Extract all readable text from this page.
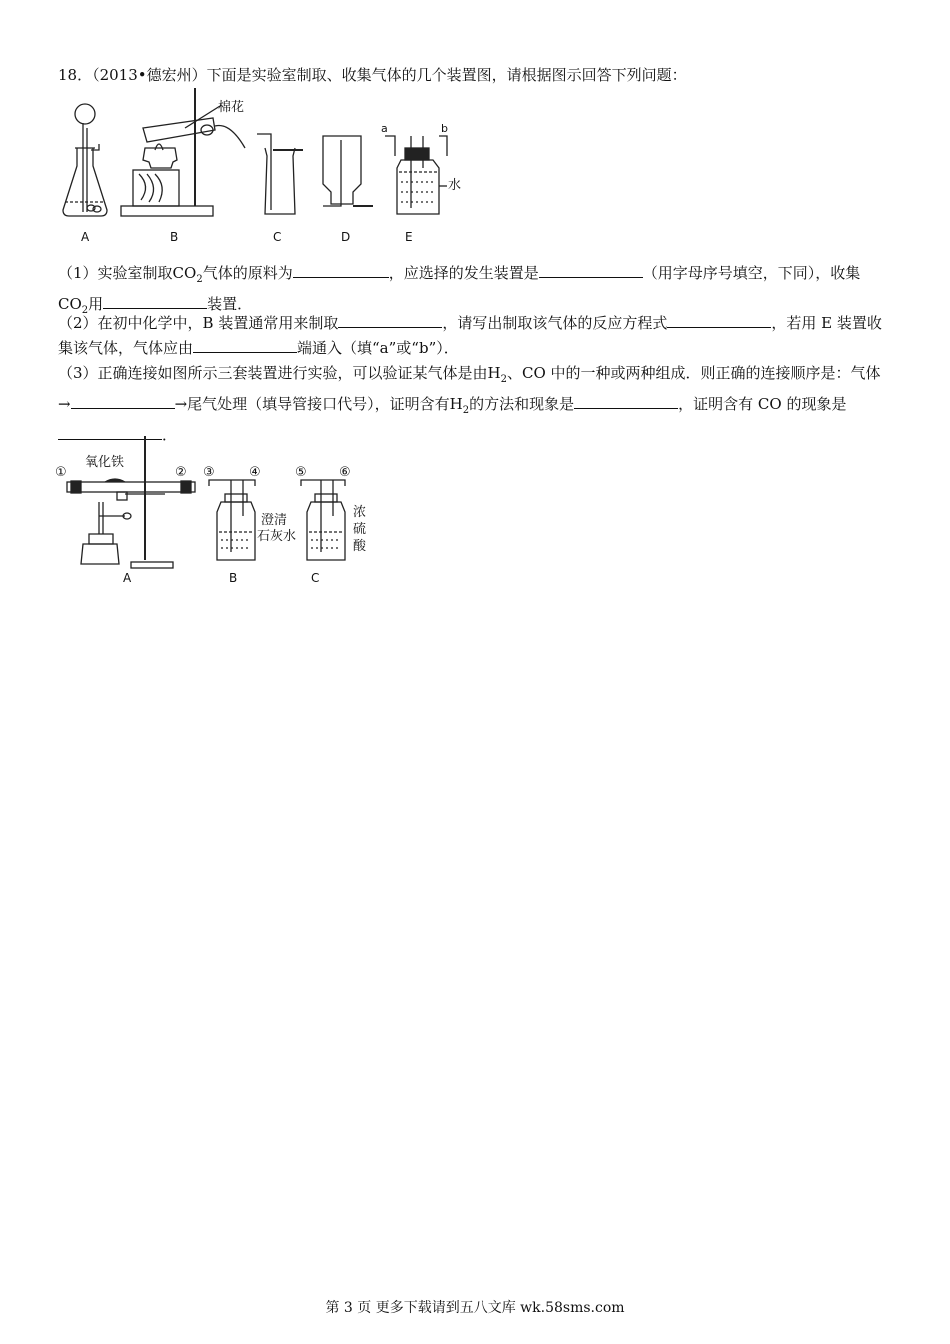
18．（2013•德宏州）下面是实验室制取、收集气体的几个装置图，请根据图示回答下列问题：
棉花
水
a	b
A	B	C	D	E
（1）实验室制取$CO_2$气体的原料为	，应选择的发生装置是	（用字母序号填空，下同），收集$CO_2$用	装置．
（2）在初中化学中，B 装置通常用来制取	，请写出制取该气体的反应方程式	，若用 E 装置收集该气体，气体应由	端通入（填“a”或“b”）．
（3）正确连接如图所示三套装置进行实验，可以验证某气体是由$H_2$、CO 中的一种或两种组成．则正确的连接顺序是：气体→	→尾气处理（填导管接口代号），证明含有$H_2$的方法和现象是	，证明含有 CO 的现象是．
①	② ③	④	⑤ ⑥
氧化铁
澄清
石灰水
浓
硫
酸
A	B	C
第 3 页 更多下载请到五八文库 wk.58sms.com
